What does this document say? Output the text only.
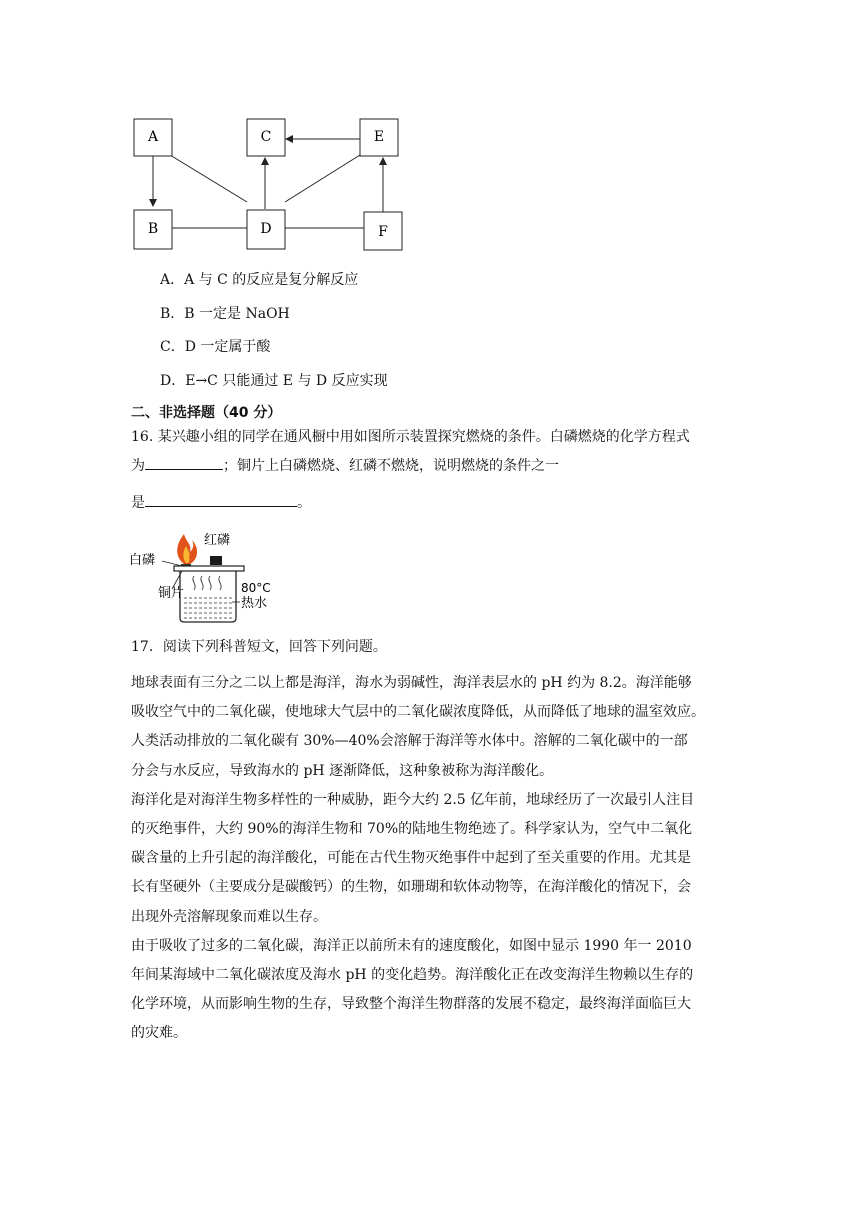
A	C	E
B	D	F
A．A 与 C 的反应是复分解反应
B．B 一定是 NaOH
C．D 一定属于酸
D．E→C 只能通过 E 与 D 反应实现
二、非选择题（40 分）
16. 某兴趣小组的同学在通风橱中用如图所示装置探究燃烧的条件。白磷燃烧的化学方程式
为	；铜片上白磷燃烧、红磷不燃烧，说明燃烧的条件之一
是	。
白磷
红磷
铜片	80°C
热水
17．阅读下列科普短文，回答下列问题。
地球表面有三分之二以上都是海洋，海水为弱碱性，海洋表层水的 pH 约为 8.2。海洋能够
吸收空气中的二氧化碳，使地球大气层中的二氧化碳浓度降低，从而降低了地球的温室效应。
人类活动排放的二氧化碳有 30%—40%会溶解于海洋等水体中。溶解的二氧化碳中的一部
分会与水反应，导致海水的 pH 逐渐降低，这种象被称为海洋酸化。
海洋化是对海洋生物多样性的一种威胁，距今大约 2.5 亿年前，地球经历了一次最引人注目
的灭绝事件，大约 90%的海洋生物和 70%的陆地生物绝迹了。科学家认为，空气中二氧化
碳含量的上升引起的海洋酸化，可能在古代生物灭绝事件中起到了至关重要的作用。尤其是
长有坚硬外（主要成分是碳酸钙）的生物，如珊瑚和软体动物等，在海洋酸化的情况下，会
出现外壳溶解现象而难以生存。
由于吸收了过多的二氧化碳，海洋正以前所未有的速度酸化，如图中显示 1990 年一 2010
年间某海域中二氧化碳浓度及海水 pH 的变化趋势。海洋酸化正在改变海洋生物赖以生存的
化学环境，从而影响生物的生存，导致整个海洋生物群落的发展不稳定，最终海洋面临巨大
的灾难。
